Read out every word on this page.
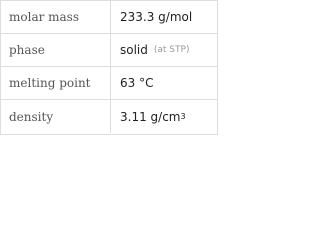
molar mass	233.3 g/mol
phase	solid (at STP)
melting point	63 °C
density	3.11 g/cm 3
